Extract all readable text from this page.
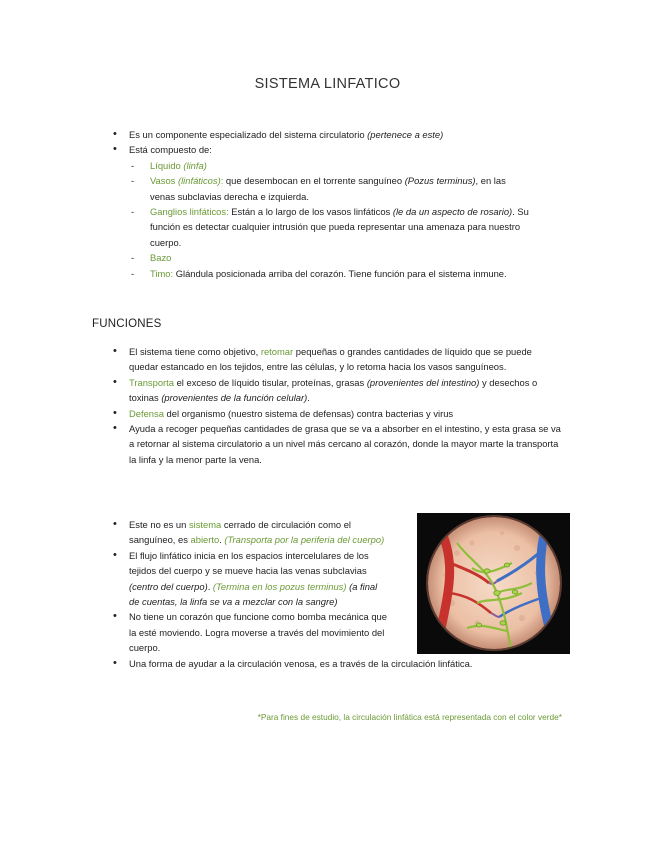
SISTEMA LINFATICO
• Es un componente especializado del sistema circulatorio (pertenece a este)
• Está compuesto de:
- Líquido (linfa)
- Vasos (linfáticos): que desembocan en el torrente sanguíneo (Pozus terminus), en las venas subclavias derecha e izquierda.
- Ganglios linfáticos: Están a lo largo de los vasos linfáticos (le da un aspecto de rosario). Su función es detectar cualquier intrusión que pueda representar una amenaza para nuestro cuerpo.
- Bazo
- Timo: Glándula posicionada arriba del corazón. Tiene función para el sistema inmune.
FUNCIONES
• El sistema tiene como objetivo, retomar pequeñas o grandes cantidades de líquido que se puede quedar estancado en los tejidos, entre las células, y lo retoma hacia los vasos sanguíneos.
• Transporta el exceso de líquido tisular, proteínas, grasas (provenientes del intestino) y desechos o toxinas (provenientes de la función celular).
• Defensa del organismo (nuestro sistema de defensas) contra bacterias y virus
• Ayuda a recoger pequeñas cantidades de grasa que se va a absorber en el intestino, y esta grasa se va a retornar al sistema circulatorio a un nivel más cercano al corazón, donde la mayor marte la transporta la linfa y la menor parte la vena.
• Este no es un sistema cerrado de circulación como el sanguíneo, es abierto. (Transporta por la periferia del cuerpo)
• El flujo linfático inicia en los espacios intercelulares de los tejidos del cuerpo y se mueve hacia las venas subclavias (centro del cuerpo). (Termina en los pozus terminus) (a final de cuentas, la linfa se va a mezclar con la sangre)
• No tiene un corazón que funcione como bomba mecánica que la esté moviendo. Logra moverse a través del movimiento del cuerpo.
• Una forma de ayudar a la circulación venosa, es a través de la circulación linfática.
*Para fines de estudio, la circulación linfática está representada con el color verde*
